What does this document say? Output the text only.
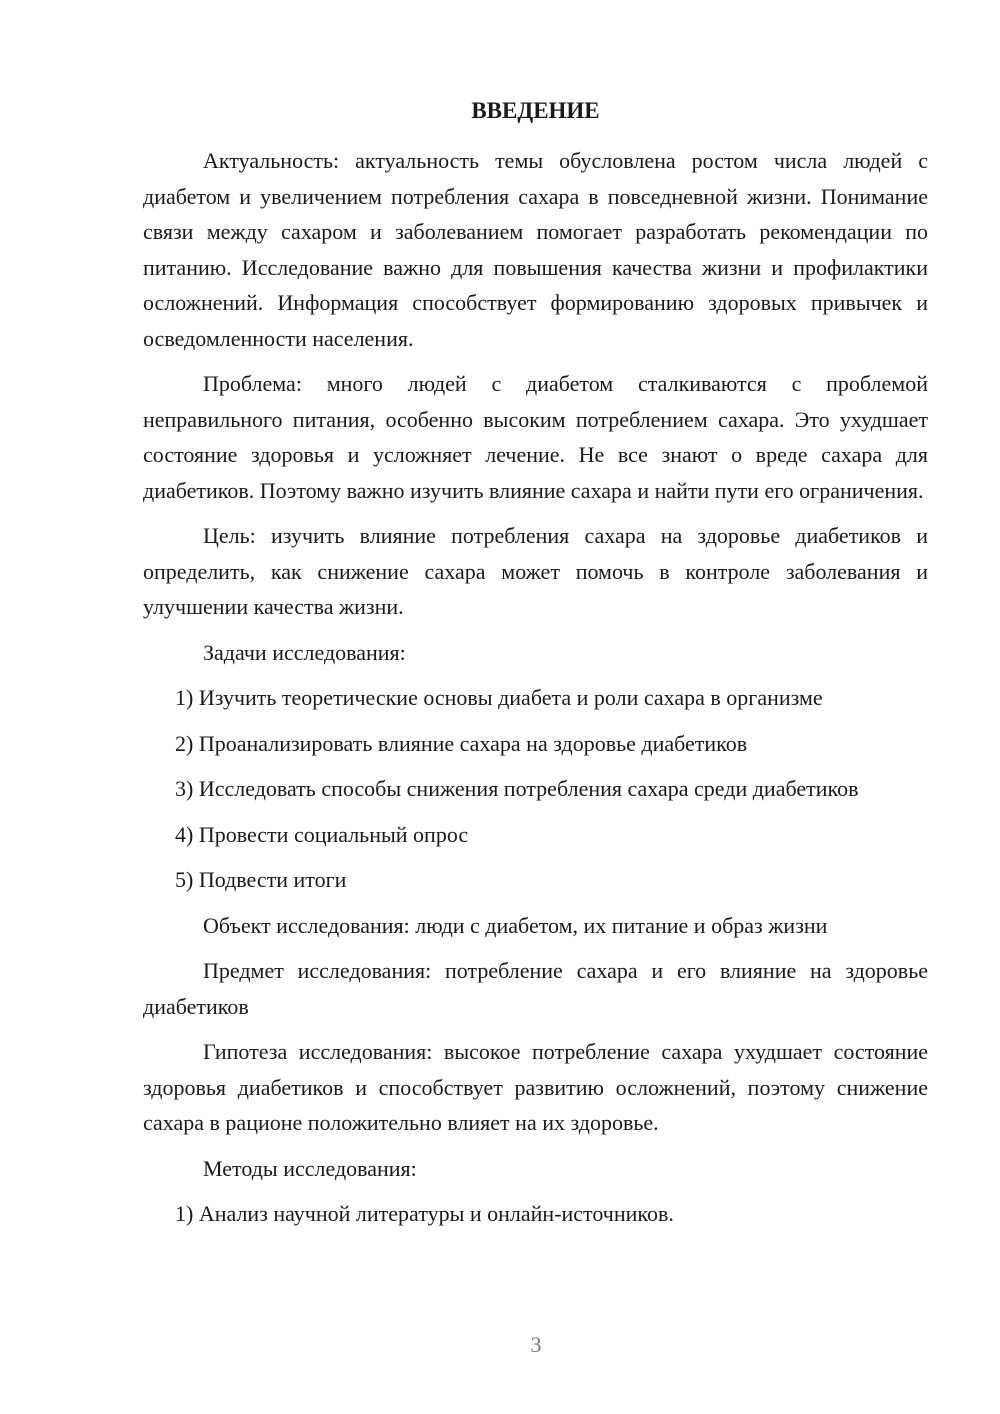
ВВЕДЕНИЕ

Актуальность: актуальность темы обусловлена ростом числа людей с диабетом и увеличением потребления сахара в повседневной жизни. Понимание связи между сахаром и заболеванием помогает разработать рекомендации по питанию. Исследование важно для повышения качества жизни и профилактики осложнений. Информация способствует формированию здоровых привычек и осведомленности населения.

Проблема: много людей с диабетом сталкиваются с проблемой неправильного питания, особенно высоким потреблением сахара. Это ухудшает состояние здоровья и усложняет лечение. Не все знают о вреде сахара для диабетиков. Поэтому важно изучить влияние сахара и найти пути его ограничения.

Цель: изучить влияние потребления сахара на здоровье диабетиков и определить, как снижение сахара может помочь в контроле заболевания и улучшении качества жизни.

Задачи исследования:

1) Изучить теоретические основы диабета и роли сахара в организме

2) Проанализировать влияние сахара на здоровье диабетиков

3) Исследовать способы снижения потребления сахара среди диабетиков

4) Провести социальный опрос

5) Подвести итоги

Объект исследования: люди с диабетом, их питание и образ жизни

Предмет исследования: потребление сахара и его влияние на здоровье диабетиков

Гипотеза исследования: высокое потребление сахара ухудшает состояние здоровья диабетиков и способствует развитию осложнений, поэтому снижение сахара в рационе положительно влияет на их здоровье.

Методы исследования:

1) Анализ научной литературы и онлайн-источников.

3
